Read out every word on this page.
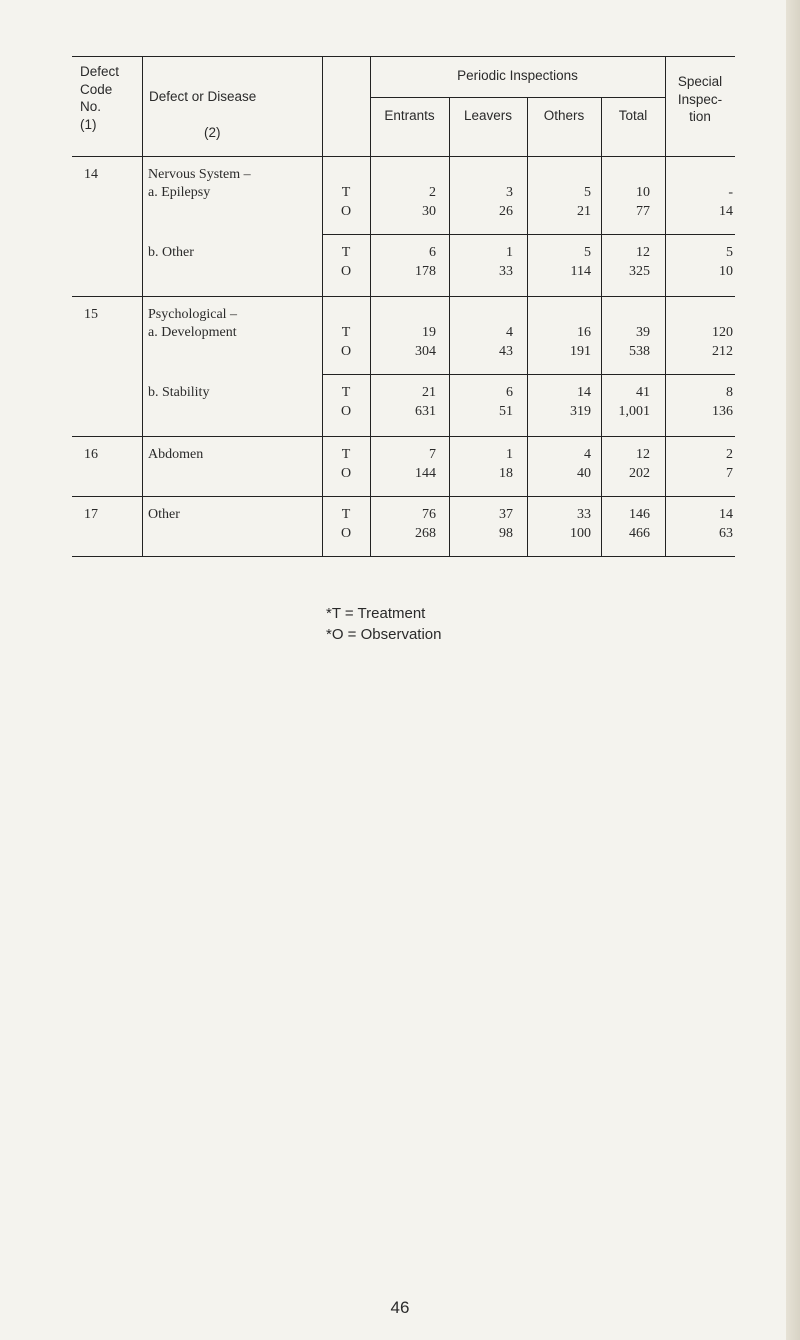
Defect
Code
No.
(1)
Defect or Disease
(2)
Periodic Inspections
Entrants	Leavers	Others	Total
Special
Inspec-
tion
14	Nervous System –
a. Epilepsy	T	2	3	5	10	-
O	30	26	21	77	14
b. Other	T	6	1	5	12	5
O	178	33	114	325	10
15	Psychological –
a. Development	T	19	4	16	39	120
O	304	43	191	538	212
b. Stability	T	21	6	14	41	8
O	631	51	319	1,001	136
16	Abdomen	T	7	1	4	12	2
O	144	18	40	202	7
17	Other	T	76	37	33	146	14
O	268	98	100	466	63
*T = Treatment
*O = Observation
46
